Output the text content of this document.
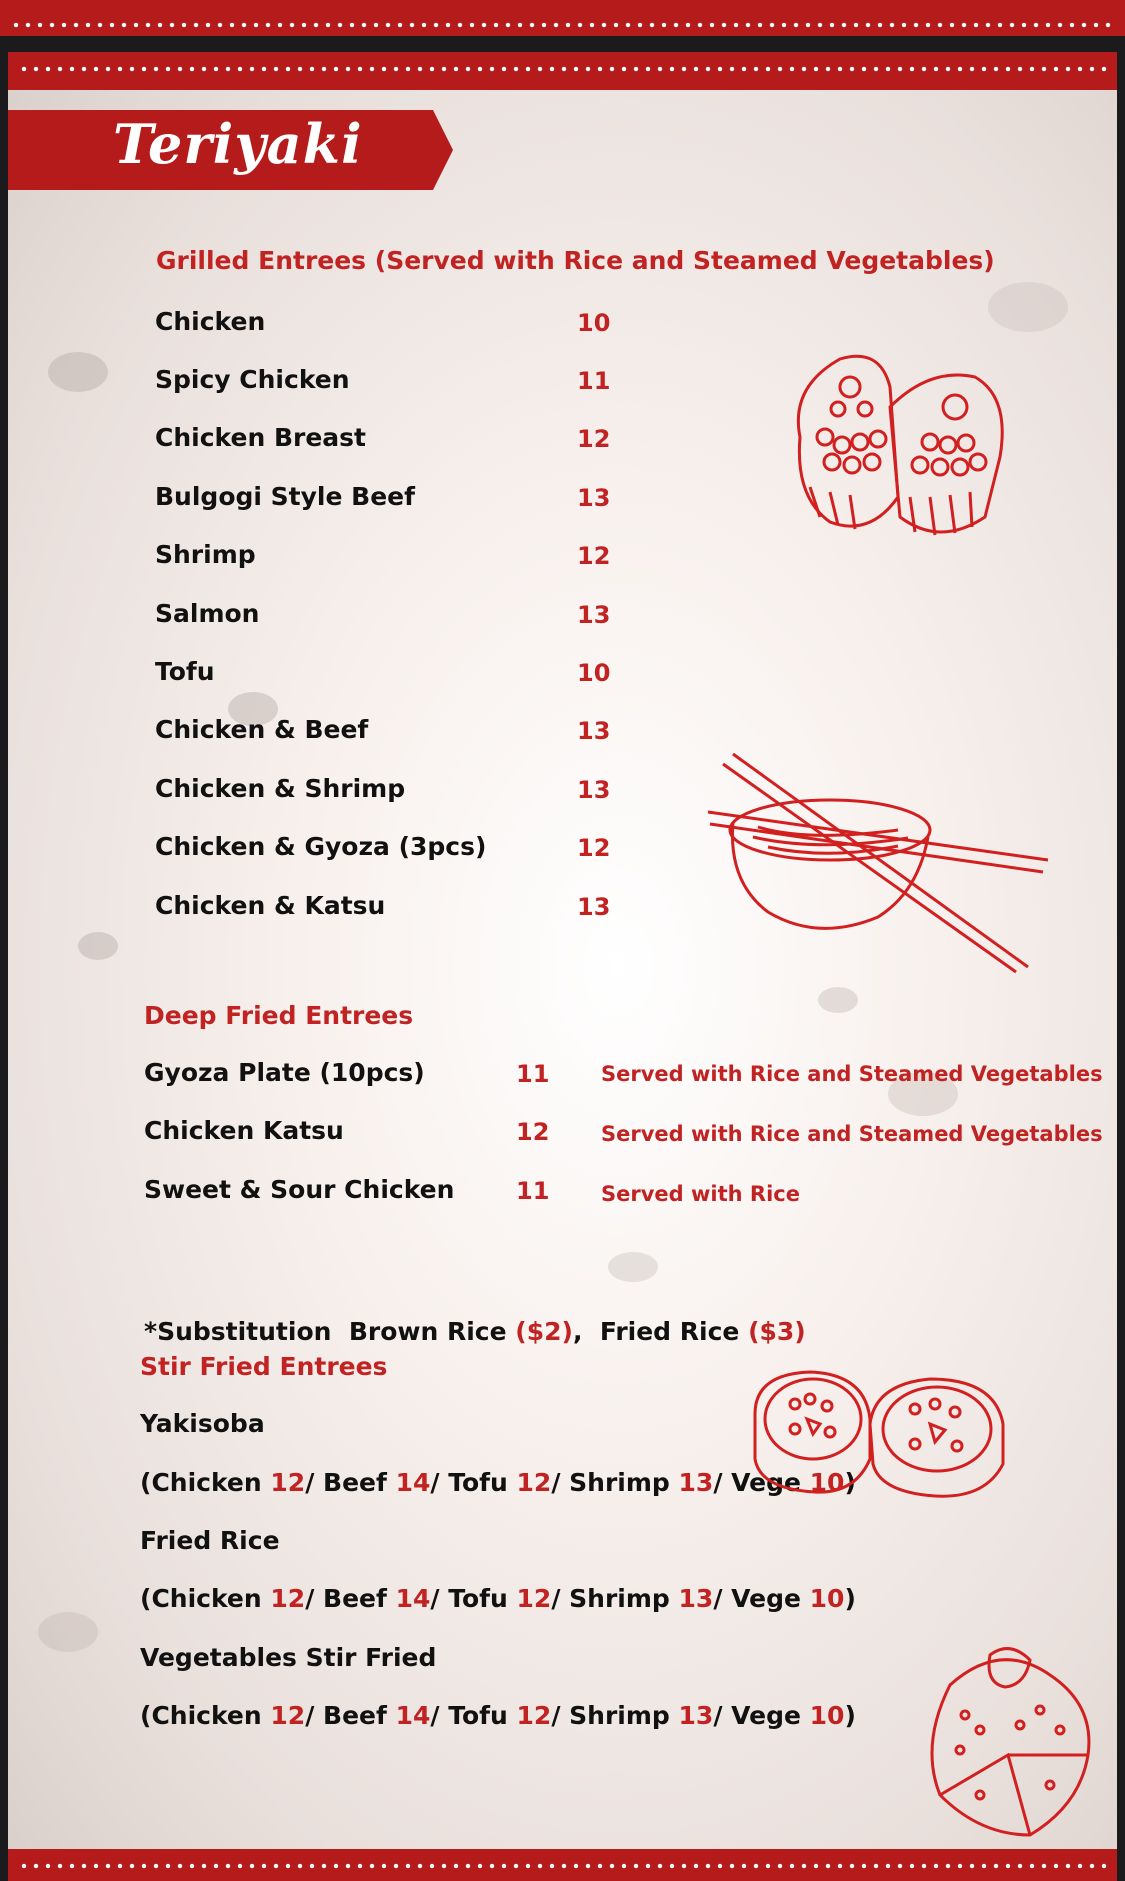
Teriyaki
Grilled Entrees (Served with Rice and Steamed Vegetables)
Chicken	10
Spicy Chicken	11
Chicken Breast	12
Bulgogi Style Beef	13
Shrimp	12
Salmon	13
Tofu	10
Chicken & Beef	13
Chicken & Shrimp	13
Chicken & Gyoza (3pcs)	12
Chicken & Katsu	13
Deep Fried Entrees
Gyoza Plate (10pcs)	11 Served with Rice and Steamed Vegetables
Chicken Katsu	12 Served with Rice and Steamed Vegetables
Sweet & Sour Chicken	11 Served with Rice
*Substitution  Brown Rice ($2),  Fried Rice ($3)
Stir Fried Entrees
Yakisoba
(Chicken 12/ Beef 14/ Tofu 12/ Shrimp 13/ Vege 10)
Fried Rice
(Chicken 12/ Beef 14/ Tofu 12/ Shrimp 13/ Vege 10)
Vegetables Stir Fried
(Chicken 12/ Beef 14/ Tofu 12/ Shrimp 13/ Vege 10)
